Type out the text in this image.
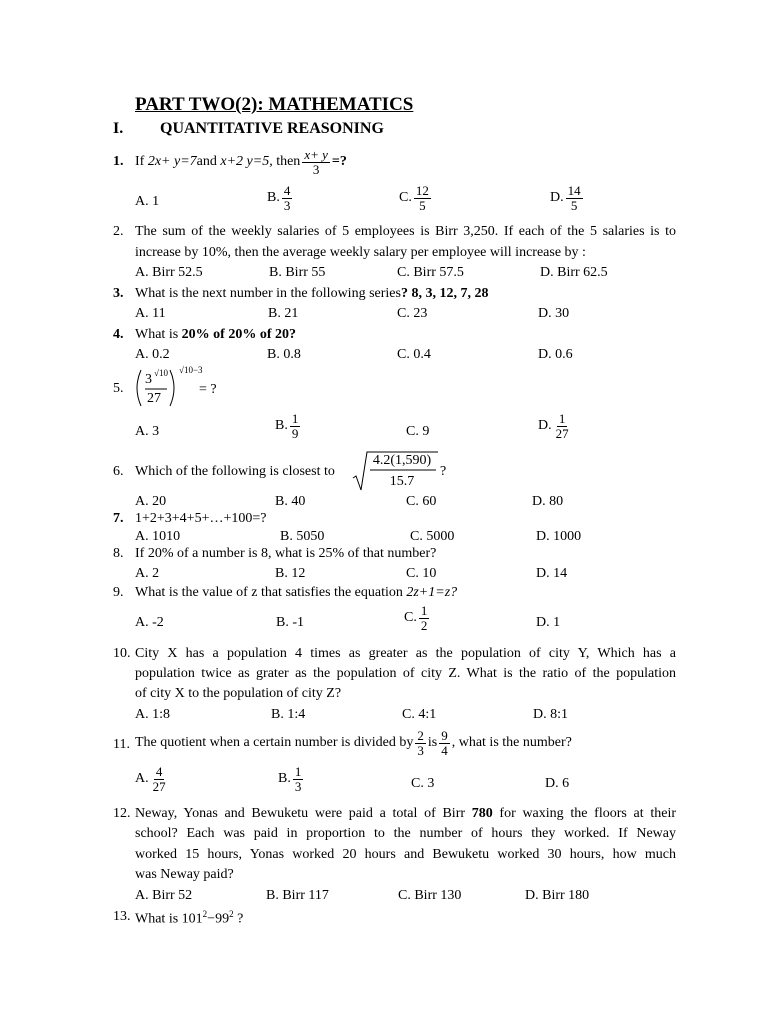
PART TWO(2): MATHEMATICS
I. QUANTITATIVE REASONING
1. If
2x+ y=7 and
x+2 y=5 , then $\frac{x+ y}{3}$ =?
A. 1	B. $\frac{4}{3}$	C. $\frac{12}{5}$	D. $\frac{14}{5}$
2. The sum of the weekly salaries of 5 employees is Birr 3,250. If each of the 5 salaries is to
increase by 10%, then the average weekly salary per employee will increase by :
A. Birr 52.5	B. Birr 55	C. Birr 57.5	D. Birr 62.5
3. What is the next number in the following series? 8, 3, 12, 7, 28
A. 11	B. 21	C. 23	D. 30
4. What is 20% of 20% of 20?
A. 0.2	B. 0.8	C. 0.4	D. 0.6
5.
3 √10
27
√10−3
= ?
A. 3	B. $\frac{1}{9}$	C. 9	D. $\frac{1}{27}$
6. Which of the following is closest to
4.2(1,590)
15.7
?
A. 20	B. 40	C. 60	D. 80
7. 1+2+3+4+5+…+100=?
A. 1010	B. 5050	C. 5000	D. 1000
8. If 20% of a number is 8, what is 25% of that number?
A. 2	B. 12	C. 10	D. 14
9. What is the value of z that satisfies the equation 2z+1=z?
A. -2	B. -1	C. $\frac{1}{2}$	D. 1
10. City X has a population 4 times as greater as the population of city Y, Which has a
population twice as grater as the population of city Z. What is the ratio of the population
of city X to the population of city Z?
A. 1:8	B. 1:4	C. 4:1	D. 8:1
11. The quotient when a certain number is divided by $\frac{2}{3}$ is $\frac{9}{4}$ , what is the number?
A. $\frac{4}{27}$	B. $\frac{1}{3}$	C. 3	D. 6
12. Neway, Yonas and Bewuketu were paid a total of Birr 780 for waxing the floors at their
school? Each was paid in proportion to the number of hours they worked. If Neway
worked 15 hours, Yonas worked 20 hours and Bewuketu worked 30 hours, how much
was Neway paid?
A. Birr 52	B. Birr 117	C. Birr 130	D. Birr 180
13. What is $101^2-99^2$ ?
